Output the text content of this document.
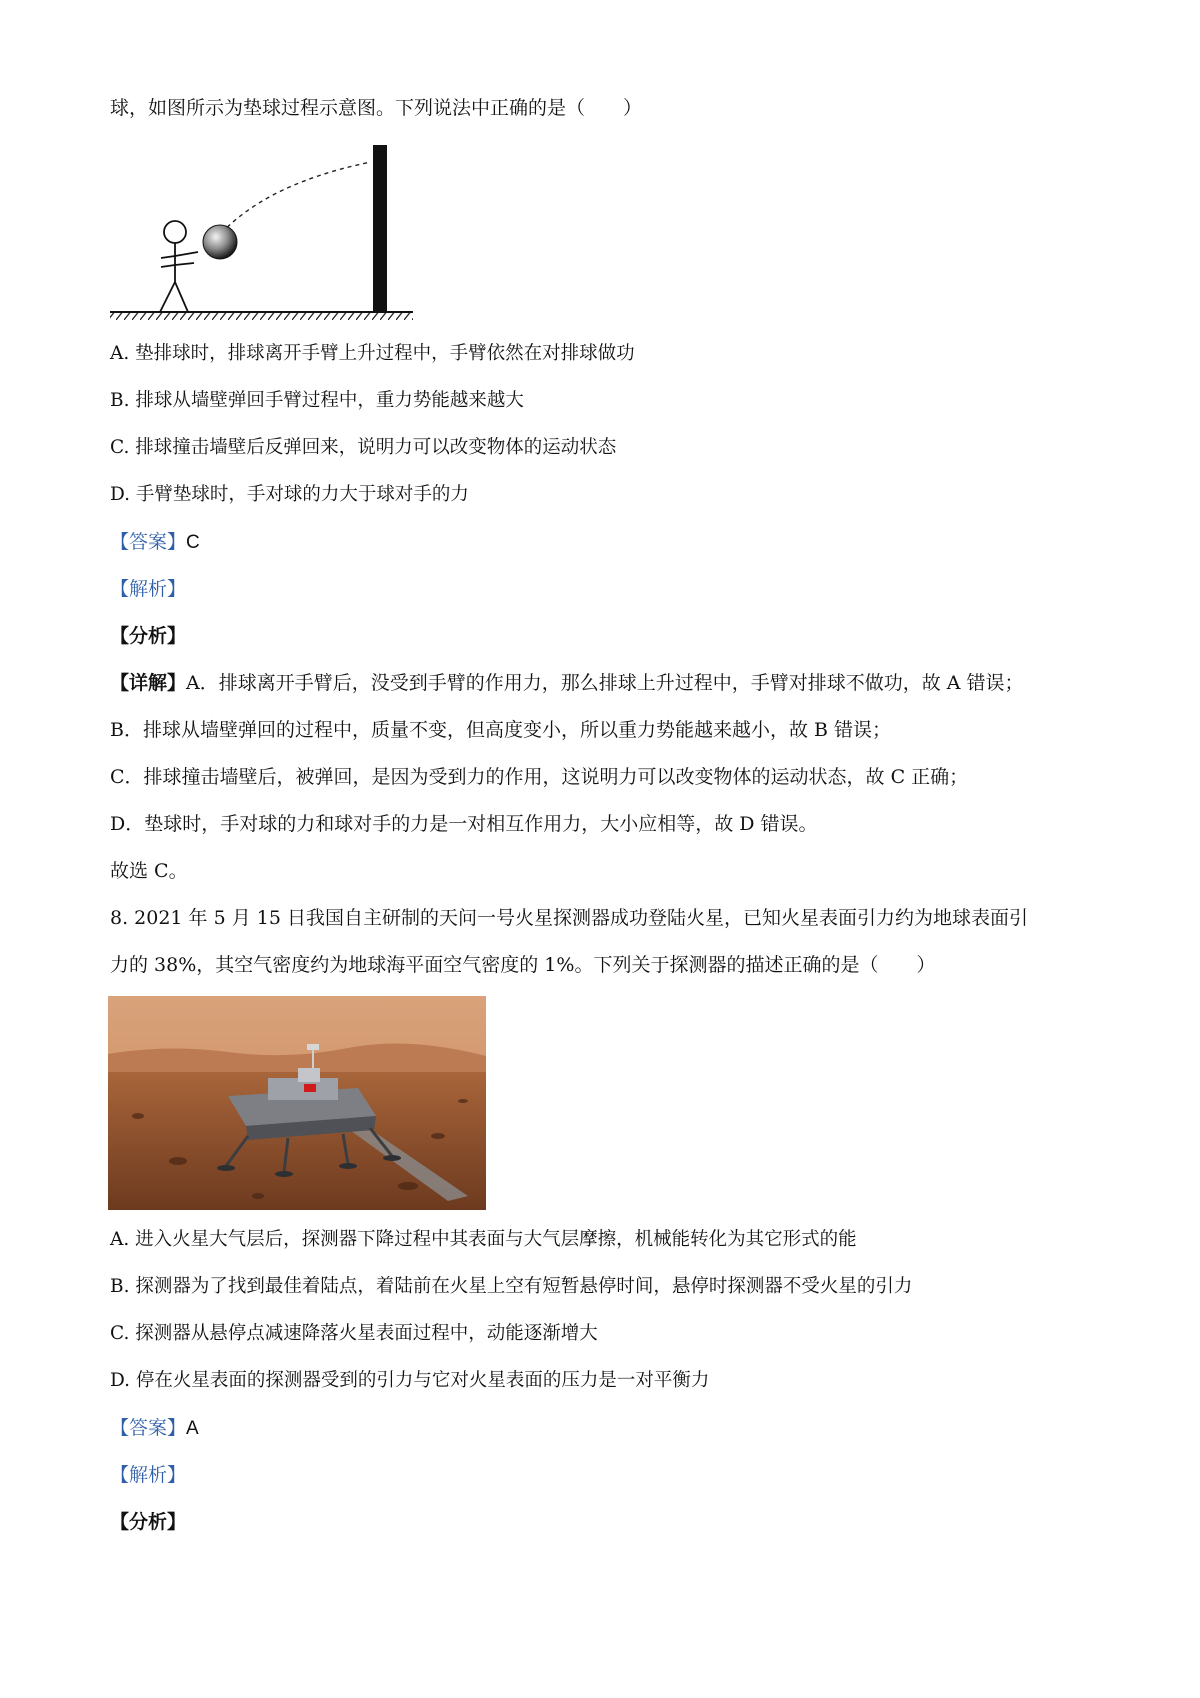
球，如图所示为垫球过程示意图。下列说法中正确的是（　　）
A. 垫排球时，排球离开手臂上升过程中，手臂依然在对排球做功
B. 排球从墙壁弹回手臂过程中，重力势能越来越大
C. 排球撞击墙壁后反弹回来，说明力可以改变物体的运动状态
D. 手臂垫球时，手对球的力大于球对手的力
【答案】C
【解析】
【分析】
【详解】A．排球离开手臂后，没受到手臂的作用力，那么排球上升过程中，手臂对排球不做功，故 A 错误；
B．排球从墙壁弹回的过程中，质量不变，但高度变小，所以重力势能越来越小，故 B 错误；
C．排球撞击墙壁后，被弹回，是因为受到力的作用，这说明力可以改变物体的运动状态，故 C 正确；
D．垫球时，手对球的力和球对手的力是一对相互作用力，大小应相等，故 D 错误。
故选 C。
8. 2021 年 5 月 15 日我国自主研制的天问一号火星探测器成功登陆火星，已知火星表面引力约为地球表面引
力的 38%，其空气密度约为地球海平面空气密度的 1%。下列关于探测器的描述正确的是（　　）
A. 进入火星大气层后，探测器下降过程中其表面与大气层摩擦，机械能转化为其它形式的能
B. 探测器为了找到最佳着陆点，着陆前在火星上空有短暂悬停时间，悬停时探测器不受火星的引力
C. 探测器从悬停点减速降落火星表面过程中，动能逐渐增大
D. 停在火星表面的探测器受到的引力与它对火星表面的压力是一对平衡力
【答案】A
【解析】
【分析】
